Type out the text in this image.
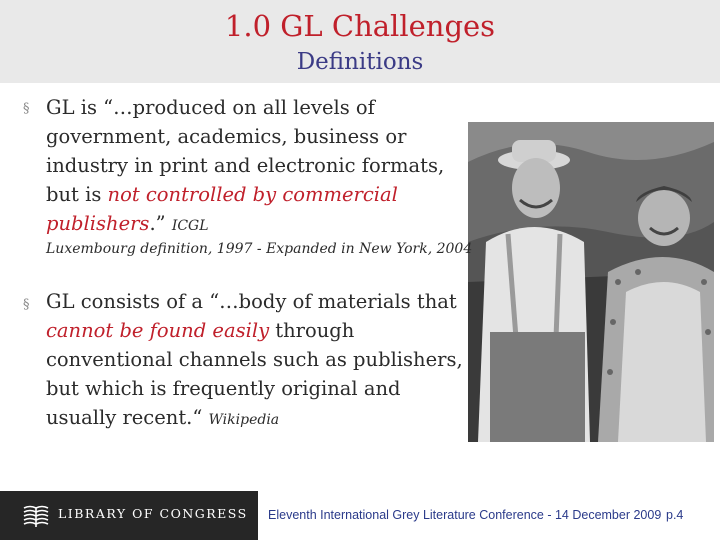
1.0 GL Challenges
Definitions
§ GL is “…produced on all levels of government, academics, business or industry in print and electronic formats, but is not controlled by commercial publishers.” ICGL
Luxembourg definition, 1997 - Expanded in New York, 2004
§ GL consists of a “…body of materials that cannot be found easily through conventional channels such as publishers, but which is frequently original and usually recent.“ Wikipedia
LIBRARY OF CONGRESS Eleventh International Grey Literature Conference - 14 December 2009 p.4
